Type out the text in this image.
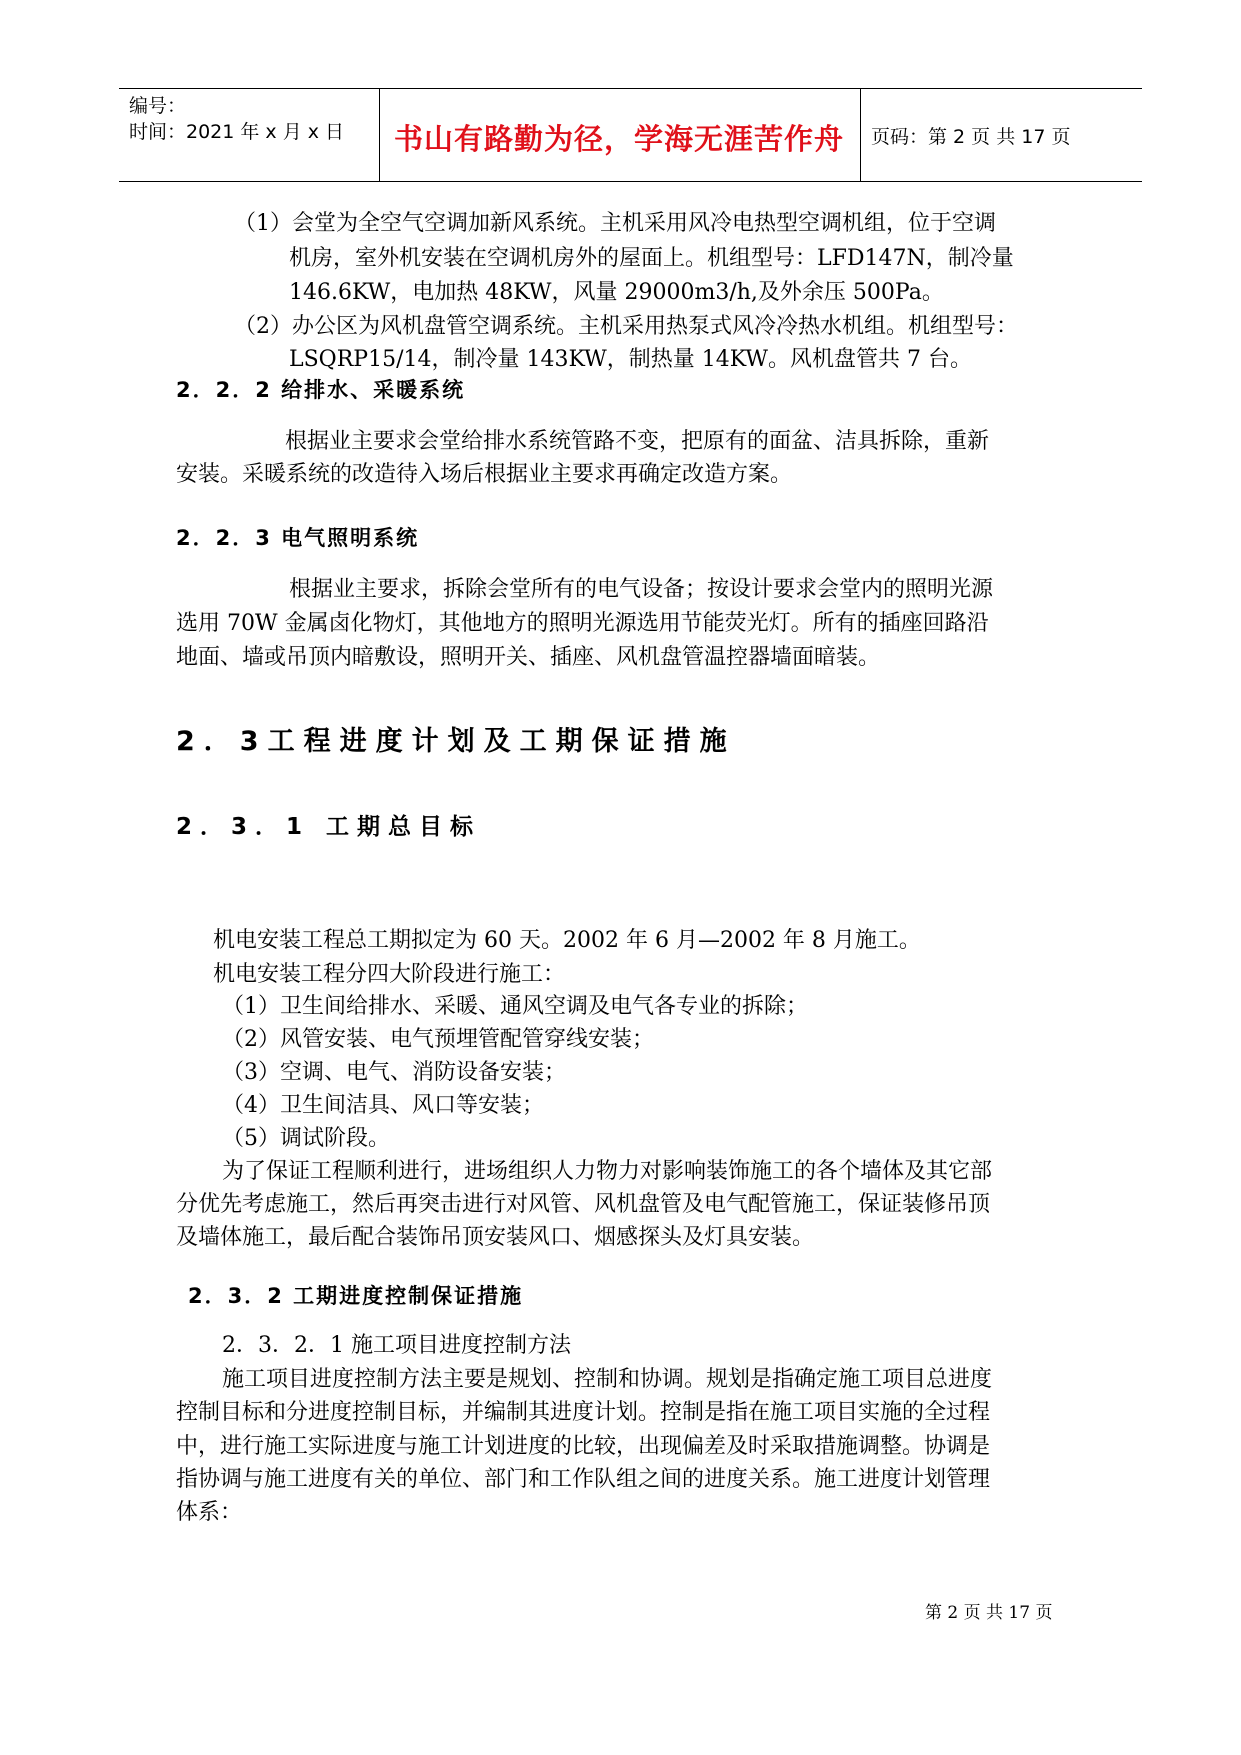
编号：
时间：2021 年 x 月 x 日	书山有路勤为径，学海无涯苦作舟	页码：第 2 页 共 17 页
（1）会堂为全空气空调加新风系统。主机采用风冷电热型空调机组，位于空调
机房，室外机安装在空调机房外的屋面上。机组型号：LFD147N，制冷量
146.6KW，电加热 48KW，风量 29000m3/h,及外余压 500Pa。
（2）办公区为风机盘管空调系统。主机采用热泵式风冷冷热水机组。机组型号：
LSQRP15/14，制冷量 143KW，制热量 14KW。风机盘管共 7 台。
2．2．2 给排水、采暖系统
根据业主要求会堂给排水系统管路不变，把原有的面盆、洁具拆除，重新
安装。采暖系统的改造待入场后根据业主要求再确定改造方案。
2．2．3 电气照明系统
根据业主要求，拆除会堂所有的电气设备；按设计要求会堂内的照明光源
选用 70W 金属卤化物灯，其他地方的照明光源选用节能荧光灯。所有的插座回路沿
地面、墙或吊顶内暗敷设，照明开关、插座、风机盘管温控器墙面暗装。
2．3工程进度计划及工期保证措施
2．3．1 工期总目标
机电安装工程总工期拟定为 60 天。2002 年 6 月—2002 年 8 月施工。
机电安装工程分四大阶段进行施工：
（1）卫生间给排水、采暖、通风空调及电气各专业的拆除；
（2）风管安装、电气预埋管配管穿线安装；
（3）空调、电气、消防设备安装；
（4）卫生间洁具、风口等安装；
（5）调试阶段。
为了保证工程顺利进行，进场组织人力物力对影响装饰施工的各个墙体及其它部
分优先考虑施工，然后再突击进行对风管、风机盘管及电气配管施工，保证装修吊顶
及墙体施工，最后配合装饰吊顶安装风口、烟感探头及灯具安装。
2．3．2 工期进度控制保证措施
2．3．2．1 施工项目进度控制方法
施工项目进度控制方法主要是规划、控制和协调。规划是指确定施工项目总进度
控制目标和分进度控制目标，并编制其进度计划。控制是指在施工项目实施的全过程
中，进行施工实际进度与施工计划进度的比较，出现偏差及时采取措施调整。协调是
指协调与施工进度有关的单位、部门和工作队组之间的进度关系。施工进度计划管理
体系：
第 2 页 共 17 页
